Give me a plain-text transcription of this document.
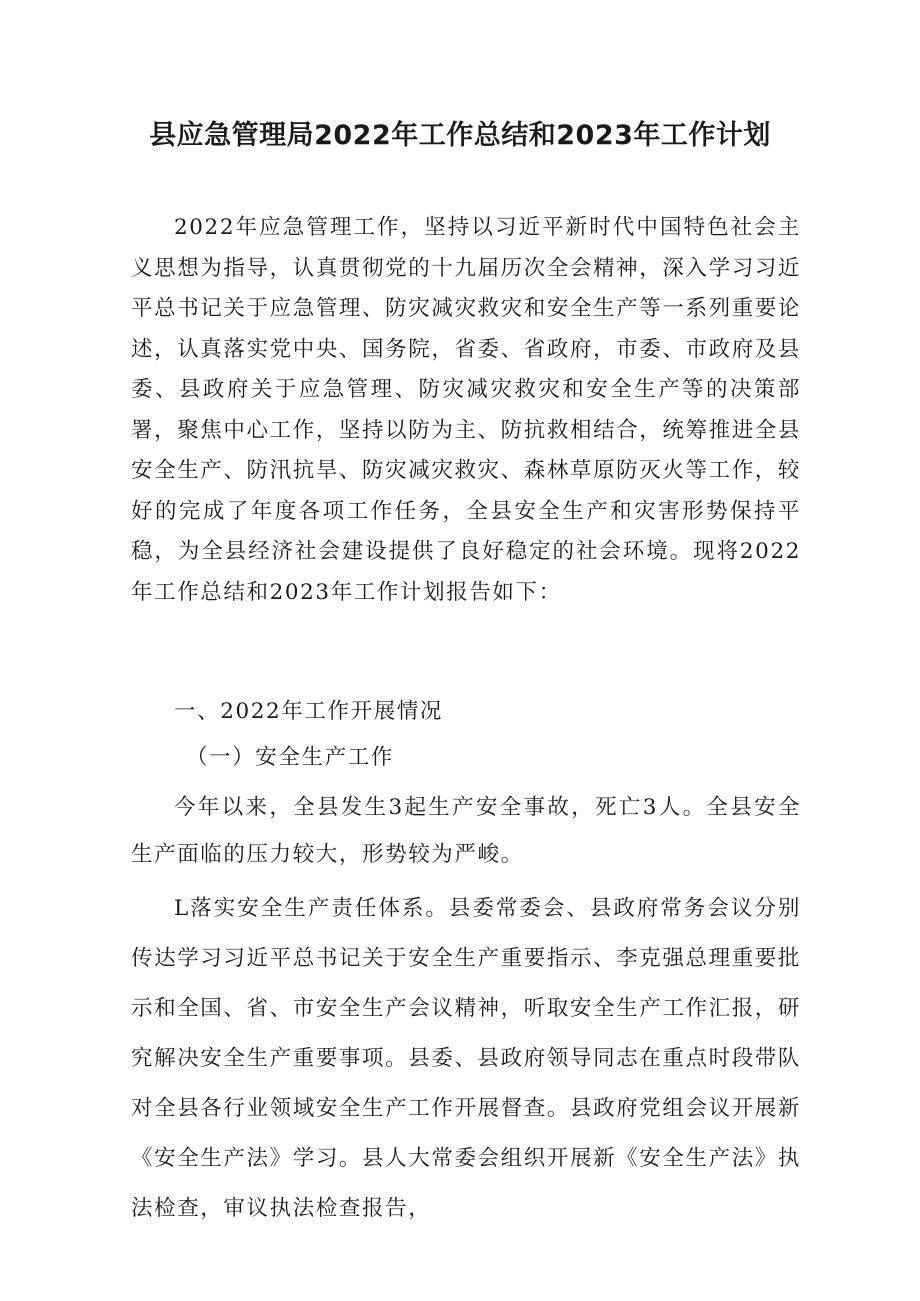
县应急管理局2022年工作总结和2023年工作计划

2022年应急管理工作，坚持以习近平新时代中国特色社会主义思想为指导，认真贯彻党的十九届历次全会精神，深入学习习近平总书记关于应急管理、防灾减灾救灾和安全生产等一系列重要论述，认真落实党中央、国务院，省委、省政府，市委、市政府及县委、县政府关于应急管理、防灾减灾救灾和安全生产等的决策部署，聚焦中心工作，坚持以防为主、防抗救相结合，统筹推进全县安全生产、防汛抗旱、防灾减灾救灾、森林草原防灭火等工作，较好的完成了年度各项工作任务，全县安全生产和灾害形势保持平稳，为全县经济社会建设提供了良好稳定的社会环境。现将2022年工作总结和2023年工作计划报告如下：

一、2022年工作开展情况
（一）安全生产工作

今年以来，全县发生3起生产安全事故，死亡3人。全县安全生产面临的压力较大，形势较为严峻。

L落实安全生产责任体系。县委常委会、县政府常务会议分别传达学习习近平总书记关于安全生产重要指示、李克强总理重要批示和全国、省、市安全生产会议精神，听取安全生产工作汇报，研究解决安全生产重要事项。县委、县政府领导同志在重点时段带队对全县各行业领域安全生产工作开展督查。县政府党组会议开展新《安全生产法》学习。县人大常委会组织开展新《安全生产法》执法检查，审议执法检查报告，
